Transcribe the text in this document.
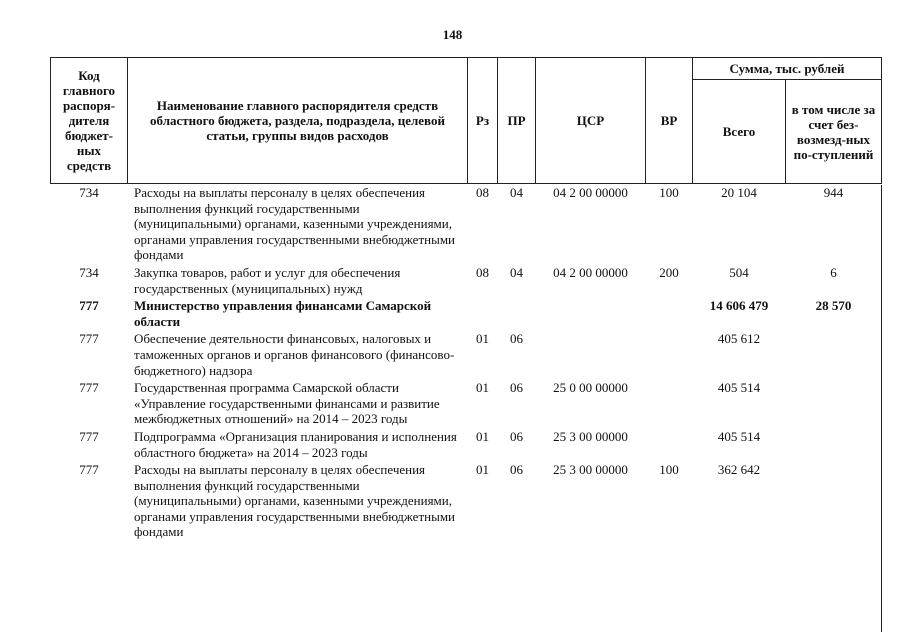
148
Код главного распоря-дителя бюджет-ных средств	Наименование главного распорядителя средств областного бюджета, раздела, подраздела, целевой статьи, группы видов расходов	Рз	ПР	ЦСР	ВР	Сумма, тыс. рублей	
						Всего	в том числе за счет без-возмезд-ных по-ступлений
734	Расходы на выплаты персоналу в целях обеспечения выполнения функций государственными (муниципальными) органами, казенными учреждениями, органами управления государственными внебюджетными фондами	08	04	04 2 00 00000	100	20 104	944
734	Закупка товаров, работ и услуг для обеспечения государственных (муниципальных) нужд	08	04	04 2 00 00000	200	504	6
777	Министерство управления финансами Самарской области					14 606 479	28 570
777	Обеспечение деятельности финансовых, налоговых и таможенных органов и органов финансового (финансово-бюджетного) надзора	01	06			405 612	
777	Государственная программа Самарской области «Управление государственными финансами и развитие межбюджетных отношений» на 2014 – 2023 годы	01	06	25 0 00 00000		405 514	
777	Подпрограмма «Организация планирования и исполнения областного бюджета» на 2014 – 2023 годы	01	06	25 3 00 00000		405 514	
777	Расходы на выплаты персоналу в целях обеспечения выполнения функций государственными (муниципальными) органами, казенными учреждениями, органами управления государственными внебюджетными фондами	01	06	25 3 00 00000	100	362 642	
